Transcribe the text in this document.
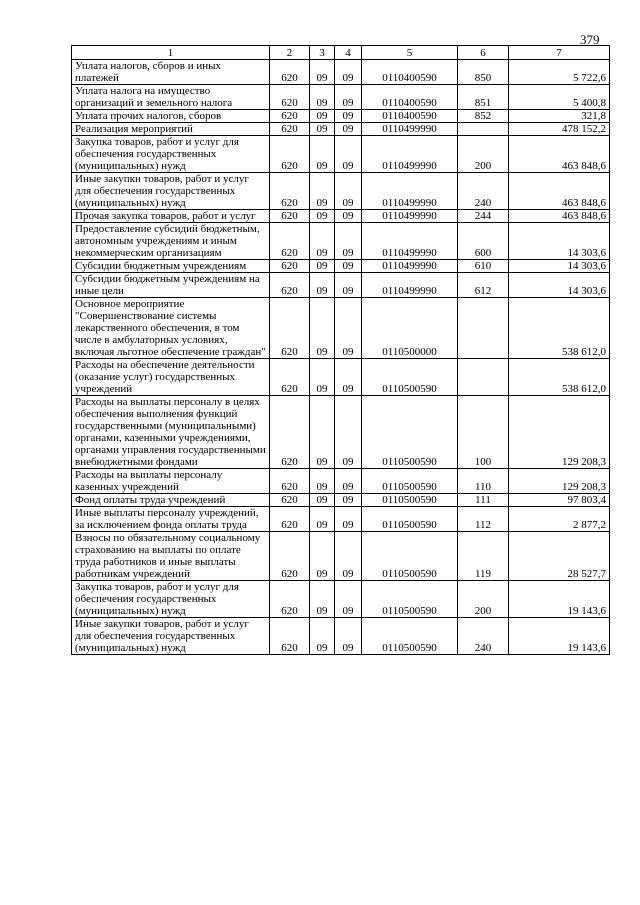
379
1	2	3	4	5	6	7
Уплата налогов, сборов и иных платежей	620	09	09	0110400590	850	5 722,6
Уплата налога на имущество организаций и земельного налога	620	09	09	0110400590	851	5 400,8
Уплата прочих налогов, сборов	620	09	09	0110400590	852	321,8
Реализация мероприятий	620	09	09	0110499990		478 152,2
Закупка товаров, работ и услуг для обеспечения государственных (муниципальных) нужд	620	09	09	0110499990	200	463 848,6
Иные закупки товаров, работ и услуг для обеспечения государственных (муниципальных) нужд	620	09	09	0110499990	240	463 848,6
Прочая закупка товаров, работ и услуг	620	09	09	0110499990	244	463 848,6
Предоставление субсидий бюджетным, автономным учреждениям и иным некоммерческим организациям	620	09	09	0110499990	600	14 303,6
Субсидии бюджетным учреждениям	620	09	09	0110499990	610	14 303,6
Субсидии бюджетным учреждениям на иные цели	620	09	09	0110499990	612	14 303,6
Основное мероприятие "Совершенствование системы лекарственного обеспечения, в том числе в амбулаторных условиях, включая льготное обеспечение граждан"	620	09	09	0110500000		538 612,0
Расходы на обеспечение деятельности (оказание услуг) государственных учреждений	620	09	09	0110500590		538 612,0
Расходы на выплаты персоналу в целях обеспечения выполнения функций государственными (муниципальными) органами, казенными учреждениями, органами управления государственными внебюджетными фондами	620	09	09	0110500590	100	129 208,3
Расходы на выплаты персоналу казенных учреждений	620	09	09	0110500590	110	129 208,3
Фонд оплаты труда учреждений	620	09	09	0110500590	111	97 803,4
Иные выплаты персоналу учреждений, за исключением фонда оплаты труда	620	09	09	0110500590	112	2 877,2
Взносы по обязательному социальному страхованию на выплаты по оплате труда работников и иные выплаты работникам учреждений	620	09	09	0110500590	119	28 527,7
Закупка товаров, работ и услуг для обеспечения государственных (муниципальных) нужд	620	09	09	0110500590	200	19 143,6
Иные закупки товаров, работ и услуг для обеспечения государственных (муниципальных) нужд	620	09	09	0110500590	240	19 143,6
